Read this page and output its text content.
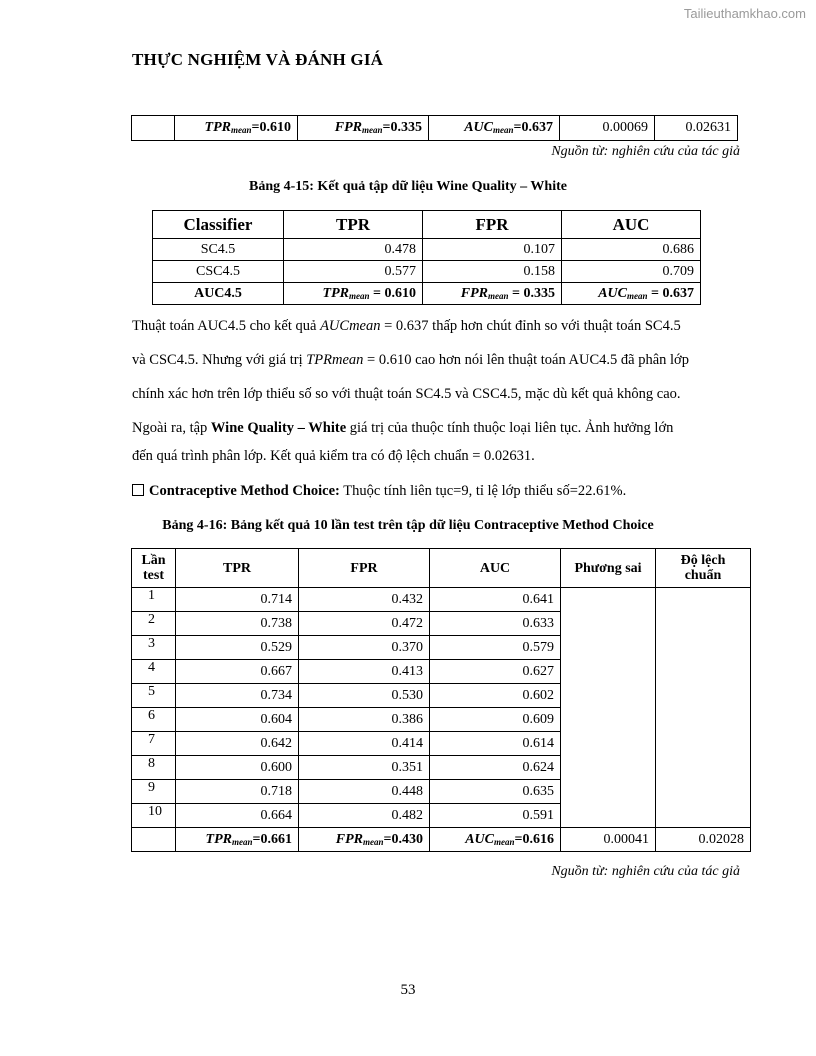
Tailieuthamkhao.com
THỰC NGHIỆM VÀ ĐÁNH GIÁ
	$TPR_{mean}=0.610$	$FPR_{mean}=0.335$	$AUC_{mean}=0.637$	0.00069	0.02631
Nguồn từ: nghiên cứu của tác giả
Bảng 4-15: Kết quả tập dữ liệu Wine Quality – White
Classifier	TPR	FPR	AUC
SC4.5	0.478	0.107	0.686
CSC4.5	0.577	0.158	0.709
AUC4.5	$TPR_{mean} = 0.610$	$FPR_{mean} = 0.335$	$AUC_{mean} = 0.637$
Thuật toán AUC4.5 cho kết quả AUCmean = 0.637 thấp hơn chút đỉnh so với thuật toán SC4.5
và CSC4.5. Nhưng với giá trị TPRmean = 0.610 cao hơn nói lên thuật toán AUC4.5 đã phân lớp
chính xác hơn trên lớp thiểu số so với thuật toán SC4.5 và CSC4.5, mặc dù kết quả không cao.
Ngoài ra, tập Wine Quality – White giá trị của thuộc tính thuộc loại liên tục. Ảnh hưởng lớn
đến quá trình phân lớp. Kết quả kiểm tra có độ lệch chuẩn = 0.02631.
Contraceptive Method Choice: Thuộc tính liên tục=9, tỉ lệ lớp thiểu số=22.61%.
Bảng 4-16: Bảng kết quả 10 lần test trên tập dữ liệu Contraceptive Method Choice
Lần test	TPR	FPR	AUC	Phương sai	Độ lệch chuẩn
1	0.714	0.432	0.641		
2	0.738	0.472	0.633		
3	0.529	0.370	0.579		
4	0.667	0.413	0.627		
5	0.734	0.530	0.602		
6	0.604	0.386	0.609		
7	0.642	0.414	0.614		
8	0.600	0.351	0.624		
9	0.718	0.448	0.635		
10	0.664	0.482	0.591		
	$TPR_{mean}=0.661$	$FPR_{mean}=0.430$	$AUC_{mean}=0.616$	0.00041	0.02028
Nguồn từ: nghiên cứu của tác giả
53
